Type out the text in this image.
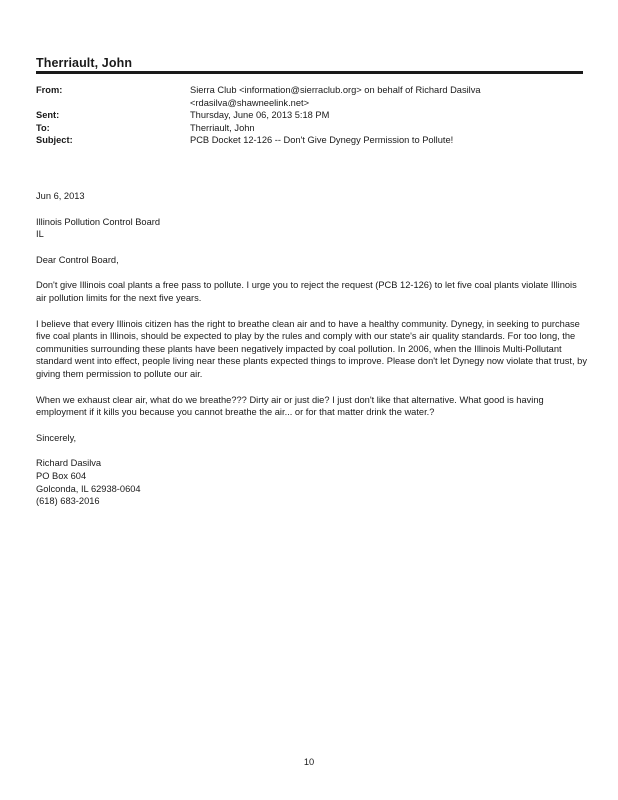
Therriault, John
From:	Sierra Club <information@sierraclub.org> on behalf of Richard Dasilva
<rdasilva@shawneelink.net>
Sent:	Thursday, June 06, 2013 5:18 PM
To:	Therriault, John
Subject:	PCB Docket 12-126 -- Don't Give Dynegy Permission to Pollute!

Jun 6, 2013

Illinois Pollution Control Board

IL

Dear Control Board,

Don't give Illinois coal plants a free pass to pollute. I urge you to reject the request (PCB 12-126) to let five coal plants violate Illinois air pollution limits for the next five years.

I believe that every Illinois citizen has the right to breathe clean air and to have a healthy community. Dynegy, in seeking to purchase five coal plants in Illinois, should be expected to play by the rules and comply with our state's air quality standards. For too long, the communities surrounding these plants have been negatively impacted by coal pollution. In 2006, when the Illinois Multi-Pollutant standard went into effect, people living near these plants expected things to improve. Please don't let Dynegy now violate that trust, by giving them permission to pollute our air.

When we exhaust clear air, what do we breathe??? Dirty air or just die? I just don't like that alternative. What good is having employment if it kills you because you cannot breathe the air... or for that matter drink the water.?

Sincerely,

Richard Dasilva

PO Box 604

Golconda, IL 62938-0604

(618) 683-2016

10
